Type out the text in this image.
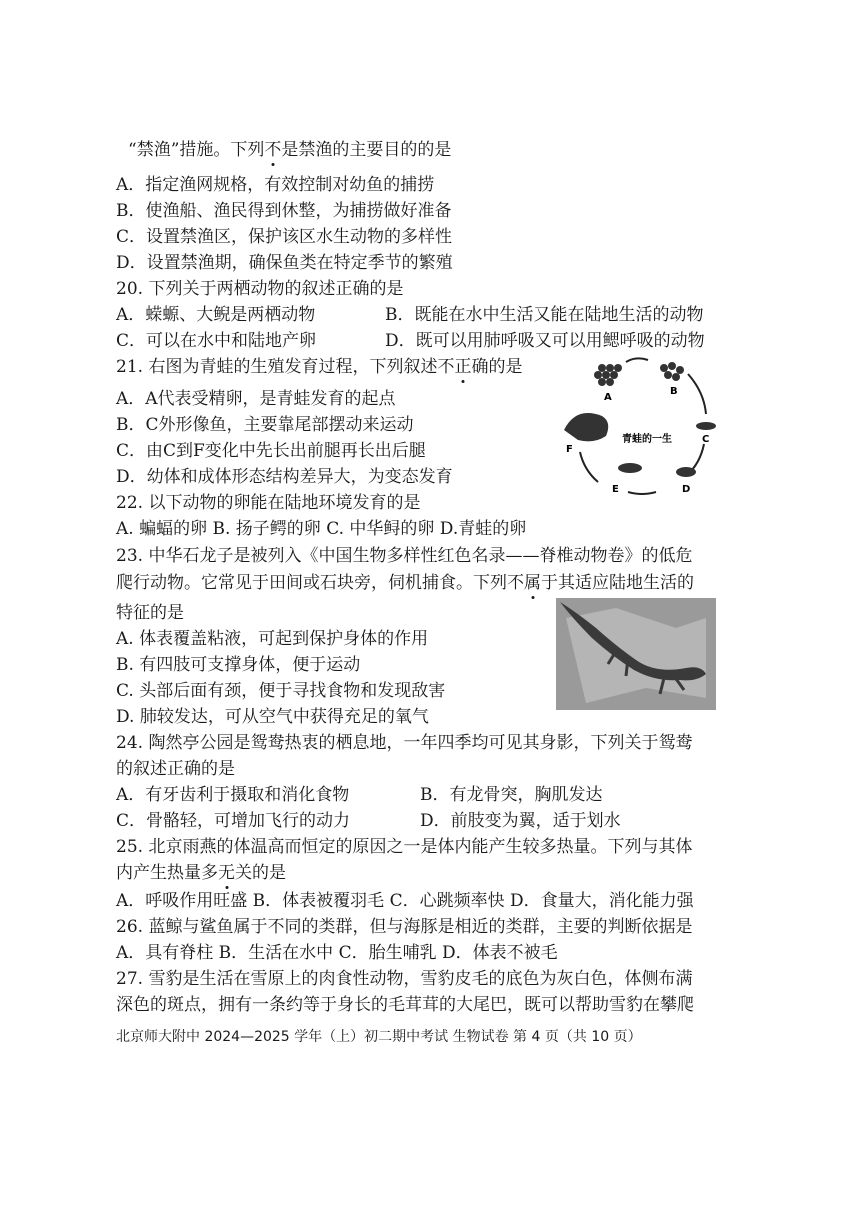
“禁渔”措施。下列不是禁渔的主要目的的是
A．指定渔网规格，有效控制对幼鱼的捕捞
B．使渔船、渔民得到休整，为捕捞做好准备
C．设置禁渔区，保护该区水生动物的多样性
D．设置禁渔期，确保鱼类在特定季节的繁殖
20. 下列关于两栖动物的叙述正确的是
A．蝾螈、大鲵是两栖动物	B．既能在水中生活又能在陆地生活的动物
C．可以在水中和陆地产卵	D．既可以用肺呼吸又可以用鳃呼吸的动物
21. 右图为青蛙的生殖发育过程，下列叙述不正确的是
A．A代表受精卵，是青蛙发育的起点
B．C外形像鱼，主要靠尾部摆动来运动
C．由C到F变化中先长出前腿再长出后腿
D．幼体和成体形态结构差异大，为变态发育
A
B
C
D
E
F
青蛙的一生
22. 以下动物的卵能在陆地环境发育的是
A. 蝙蝠的卵 B. 扬子鳄的卵 C. 中华鲟的卵 D.青蛙的卵
23. 中华石龙子是被列入《中国生物多样性红色名录——脊椎动物卷》的低危
爬行动物。它常见于田间或石块旁，伺机捕食。下列不属于其适应陆地生活的
特征的是
A. 体表覆盖粘液，可起到保护身体的作用
B. 有四肢可支撑身体，便于运动
C. 头部后面有颈，便于寻找食物和发现敌害
D. 肺较发达，可从空气中获得充足的氧气
24. 陶然亭公园是鸳鸯热衷的栖息地，一年四季均可见其身影，下列关于鸳鸯
的叙述正确的是
A．有牙齿利于摄取和消化食物	B．有龙骨突，胸肌发达
C．骨骼轻，可增加飞行的动力	D．前肢变为翼，适于划水
25. 北京雨燕的体温高而恒定的原因之一是体内能产生较多热量。下列与其体
内产生热量多无关的是
A．呼吸作用旺盛 B．体表被覆羽毛 C．心跳频率快 D．食量大，消化能力强
26. 蓝鲸与鲨鱼属于不同的类群，但与海豚是相近的类群，主要的判断依据是
A．具有脊柱 B．生活在水中 C．胎生哺乳 D．体表不被毛
27. 雪豹是生活在雪原上的肉食性动物，雪豹皮毛的底色为灰白色，体侧布满
深色的斑点，拥有一条约等于身长的毛茸茸的大尾巴，既可以帮助雪豹在攀爬
北京师大附中 2024—2025 学年（上）初二期中考试 生物试卷 第 4 页（共 10 页）
